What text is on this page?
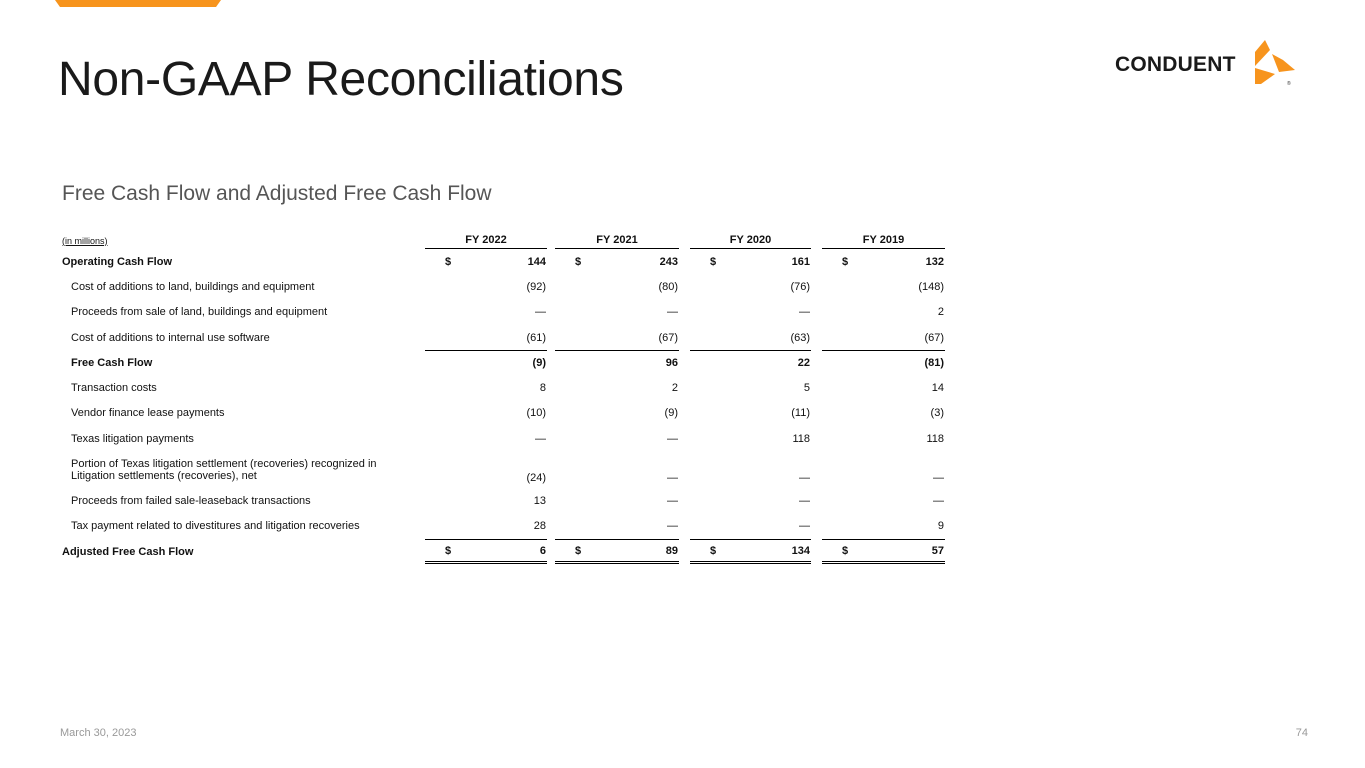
Non-GAAP Reconciliations	CONDUENT
®
Free Cash Flow and Adjusted Free Cash Flow
(in millions)	FY 2022	FY 2021	FY 2020	FY 2019
Operating Cash Flow	$	144	$	243	$	161	$	132
Cost of additions to land, buildings and equipment	(92)	(80)	(76)	(148)
Proceeds from sale of land, buildings and equipment	—	—	—	2
Cost of additions to internal use software	(61)	(67)	(63)	(67)
Free Cash Flow	(9)	96	22	(81)
Transaction costs	8	2	5	14
Vendor finance lease payments	(10)	(9)	(11)	(3)
Texas litigation payments	—	—	118	118
Portion of Texas litigation settlement (recoveries) recognized in
Litigation settlements (recoveries), net	(24)	—	—	—
Proceeds from failed sale-leaseback transactions	13	—	—	—
Tax payment related to divestitures and litigation recoveries	28	—	—	9
Adjusted Free Cash Flow	$	6	$	89	$	134	$	57
March 30, 2023	74
